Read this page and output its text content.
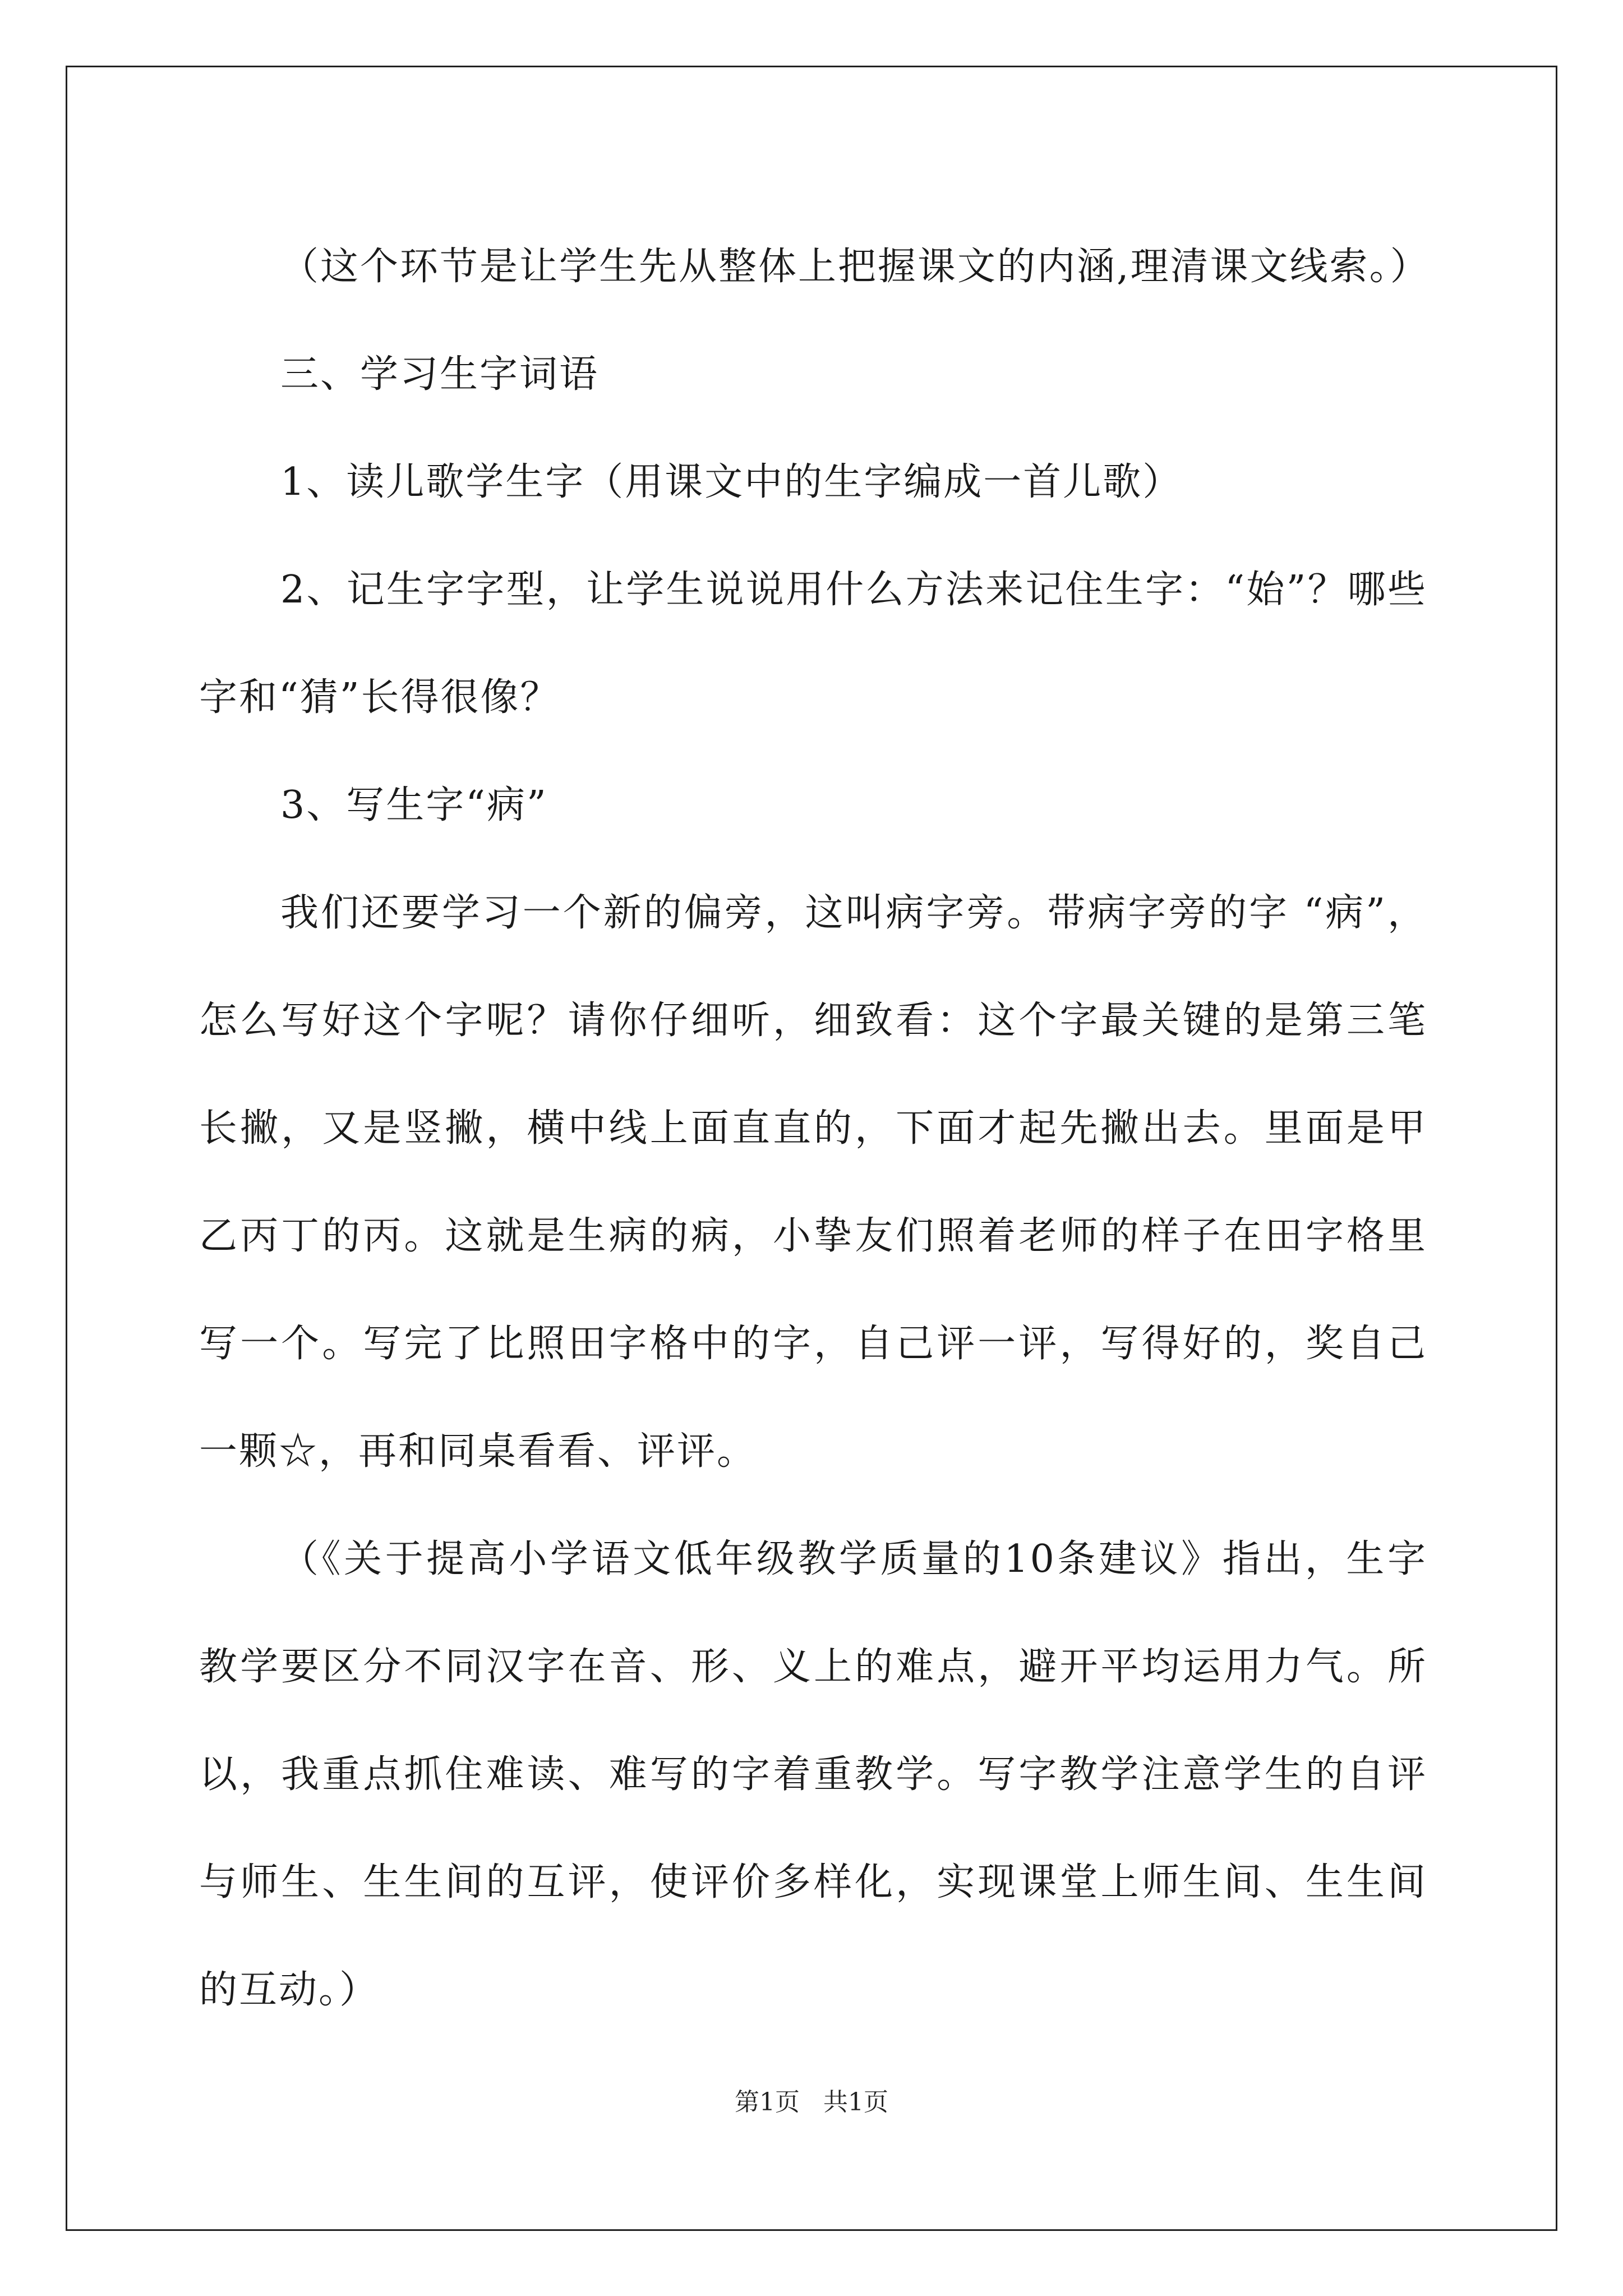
（这个环节是让学生先从整体上把握课文的内涵,理清课文线索。）

三、学习生字词语

1、读儿歌学生字（用课文中的生字编成一首儿歌）

2、记生字字型，让学生说说用什么方法来记住生字：“始”？哪些字和“猜”长得很像？

3、写生字“病”

我们还要学习一个新的偏旁，这叫病字旁。带病字旁的字 “病”，怎么写好这个字呢？请你仔细听，细致看：这个字最关键的是第三笔长撇，又是竖撇，横中线上面直直的，下面才起先撇出去。里面是甲乙丙丁的丙。这就是生病的病，小挚友们照着老师的样子在田字格里写一个。写完了比照田字格中的字，自己评一评，写得好的，奖自己一颗☆，再和同桌看看、评评。

（《关于提高小学语文低年级教学质量的10条建议》指出，生字教学要区分不同汉字在音、形、义上的难点，避开平均运用力气。所以，我重点抓住难读、难写的字着重教学。写字教学注意学生的自评与师生、生生间的互评，使评价多样化，实现课堂上师生间、生生间的互动。）

第1页 共1页
